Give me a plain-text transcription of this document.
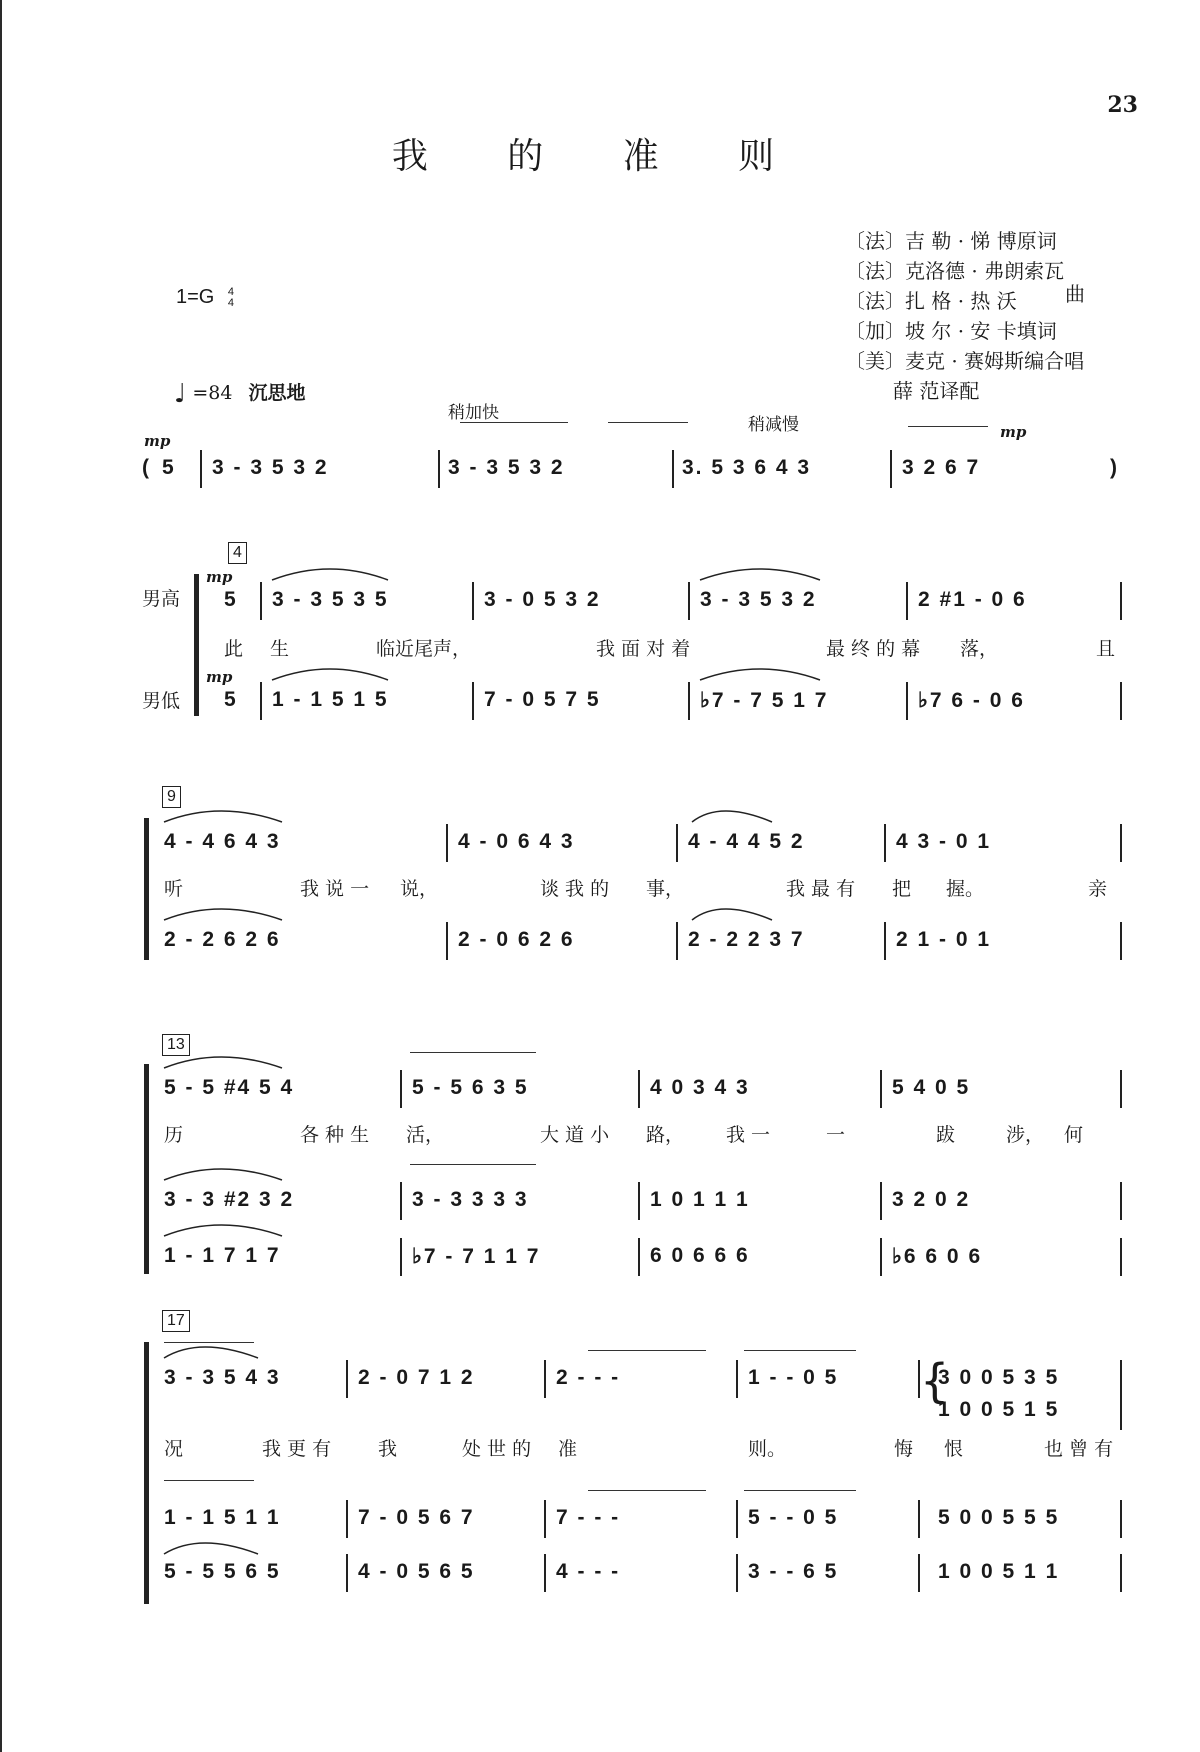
23
我 的 准 则
〔法〕吉 勒 · 悌 博原词
〔法〕克洛德 · 弗朗索瓦
〔法〕扎 格 · 热 沃
〔加〕坡 尔 · 安 卡填词
〔美〕麦克 · 赛姆斯编合唱
薛 范译配
曲
1=G 4
4
♩ =84 沉思地
稍加快
稍减慢
mp	mp
( 5 3 - 3 5 3 2	3 - 3 5 3 2	3. 5 3 6 4 3	3 2 6 7	)
4
mp
男高 5 3 - 3 5 3 5	3 - 0 5 3 2	3 - 3 5 3 2	2 #1 - 0 6
此 生	临近尾声，	我 面 对 着	最 终 的 幕 落，	且
mp
男低 5 1 - 1 5 1 5	7 - 0 5 7 5	♭7 - 7 5 1 7	♭7 6 - 0 6
9
4 - 4 6 4 3	4 - 0 6 4 3	4 - 4 4 5 2	4 3 - 0 1
听	我 说 一 说，	谈 我 的 事，	我 最 有 把 握。	亲
2 - 2 6 2 6	2 - 0 6 2 6	2 - 2 2 3 7	2 1 - 0 1
13
5 - 5 #4 5 4	5 - 5 6 3 5	4 0 3 4 3	5 4 0 5
历	各 种 生 活，	大 道 小 路， 我 一	一	跋	涉， 何
3 - 3 #2 3 2	3 - 3 3 3 3	1 0 1 1 1	3 2 0 2
1 - 1 7 1 7	♭7 - 7 1 1 7	6 0 6 6 6	♭6 6 0 6
17
3 - 3 5 4 3	2 - 0 7 1 2	2 - - -	1 - - 0 5	3 0 0 5 3 5
{
1 0 0 5 1 5
况	我 更 有 我	处 世 的 准	则。	悔 恨	也 曾 有
1 - 1 5 1 1	7 - 0 5 6 7	7 - - -	5 - - 0 5	5 0 0 5 5 5
5 - 5 5 6 5	4 - 0 5 6 5	4 - - -	3 - - 6 5	1 0 0 5 1 1
